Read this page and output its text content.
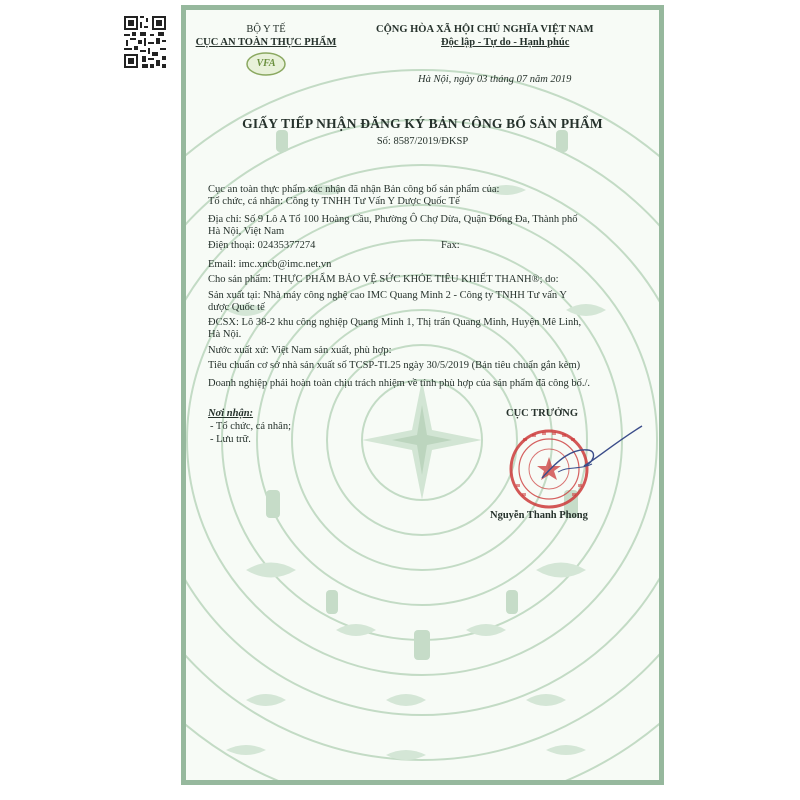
BỘ Y TẾ
CỤC AN TOÀN THỰC PHẨM
VFA
CỘNG HÒA XÃ HỘI CHỦ NGHĨA VIỆT NAM
Độc lập - Tự do - Hạnh phúc
Hà Nội, ngày 03 tháng 07 năm 2019
GIẤY TIẾP NHẬN ĐĂNG KÝ BẢN CÔNG BỐ SẢN PHẨM
Số: 8587/2019/ĐKSP
Cục an toàn thực phẩm xác nhận đã nhận Bản công bố sản phẩm của:
Tổ chức, cá nhân: Công ty TNHH Tư Vấn Y Dược Quốc Tế
Địa chỉ: Số 9 Lô A Tổ 100 Hoàng Cầu, Phường Ô Chợ Dừa, Quận Đống Đa, Thành phố
Hà Nội, Việt Nam
Điện thoại: 02435377274	Fax:
Email: imc.xncb@imc.net.vn
Cho sản phẩm: THỰC PHẨM BẢO VỆ SỨC KHỎE TIÊU KHIẾT THANH®; do:
Sản xuất tại: Nhà máy công nghệ cao IMC Quang Minh 2 - Công ty TNHH Tư vấn Y
dược Quốc tế
ĐCSX: Lô 38-2 khu công nghiệp Quang Minh 1, Thị trấn Quang Minh, Huyện Mê Linh,
Hà Nội.
Nước xuất xứ: Việt Nam sản xuất, phù hợp:
Tiêu chuẩn cơ sở nhà sản xuất số TCSP-TI.25 ngày 30/5/2019 (Bản tiêu chuẩn gắn kèm)
Doanh nghiệp phải hoàn toàn chịu trách nhiệm về tính phù hợp của sản phẩm đã công bố./.
Nơi nhận:
- Tổ chức, cá nhân;
- Lưu trữ.
CỤC TRƯỞNG
Nguyễn Thanh Phong
